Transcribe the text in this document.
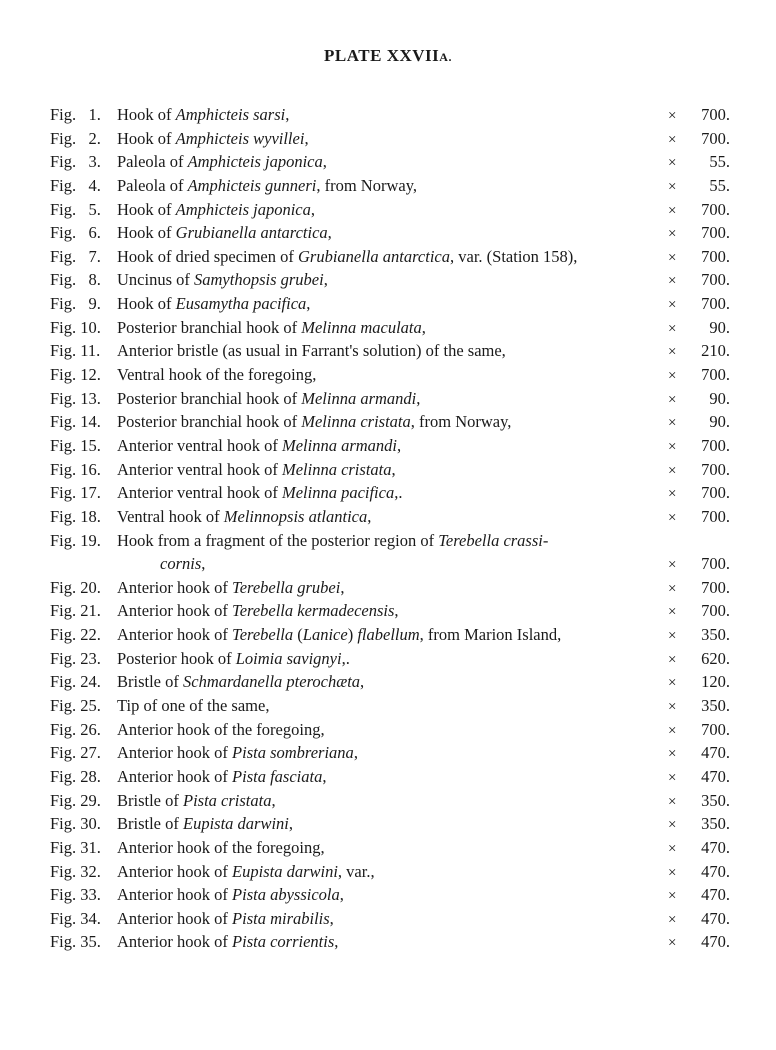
PLATE XXVIIA.
Fig.   1. Hook of Amphicteis sarsi,	× 700.
Fig.   2. Hook of Amphicteis wyvillei,	× 700.
Fig.   3. Paleola of Amphicteis japonica,	× 55.
Fig.   4. Paleola of Amphicteis gunneri, from Norway,	× 55.
Fig.   5. Hook of Amphicteis japonica,	× 700.
Fig.   6. Hook of Grubianella antarctica,	× 700.
Fig.   7. Hook of dried specimen of Grubianella antarctica, var. (Station 158),	× 700.
Fig.   8. Uncinus of Samythopsis grubei,	× 700.
Fig.   9. Hook of Eusamytha pacifica,	× 700.
Fig. 10. Posterior branchial hook of Melinna maculata,	× 90.
Fig. 11.	Anterior bristle (as usual in Farrant's solution) of the same,	× 210.
Fig. 12. Ventral hook of the foregoing,	× 700.
Fig. 13. Posterior branchial hook of Melinna armandi,	× 90.
Fig. 14. Posterior branchial hook of Melinna cristata, from Norway,	× 90.
Fig. 15. Anterior ventral hook of Melinna armandi,	× 700.
Fig. 16. Anterior ventral hook of Melinna cristata,	× 700.
Fig. 17. Anterior ventral hook of Melinna pacifica,.	× 700.
Fig. 18. Ventral hook of Melinnopsis atlantica,	× 700.
Fig. 19. Hook from a fragment of the posterior region of Terebella crassi-
cornis,	× 700.
Fig. 20. Anterior hook of Terebella grubei,	× 700.
Fig. 21. Anterior hook of Terebella kermadecensis,	× 700.
Fig. 22. Anterior hook of Terebella (Lanice) flabellum, from Marion Island,	× 350.
Fig. 23. Posterior hook of Loimia savignyi,.	× 620.
Fig. 24. Bristle of Schmardanella pterochæta,	× 120.
Fig. 25. Tip of one of the same,	× 350.
Fig. 26. Anterior hook of the foregoing,	× 700.
Fig. 27. Anterior hook of Pista sombreriana,	× 470.
Fig. 28. Anterior hook of Pista fasciata,	× 470.
Fig. 29. Bristle of Pista cristata,	× 350.
Fig. 30. Bristle of Eupista darwini,	× 350.
Fig. 31. Anterior hook of the foregoing,	× 470.
Fig. 32. Anterior hook of Eupista darwini, var.,	× 470.
Fig. 33. Anterior hook of Pista abyssicola,	× 470.
Fig. 34. Anterior hook of Pista mirabilis,	× 470.
Fig. 35. Anterior hook of Pista corrientis,	× 470.
